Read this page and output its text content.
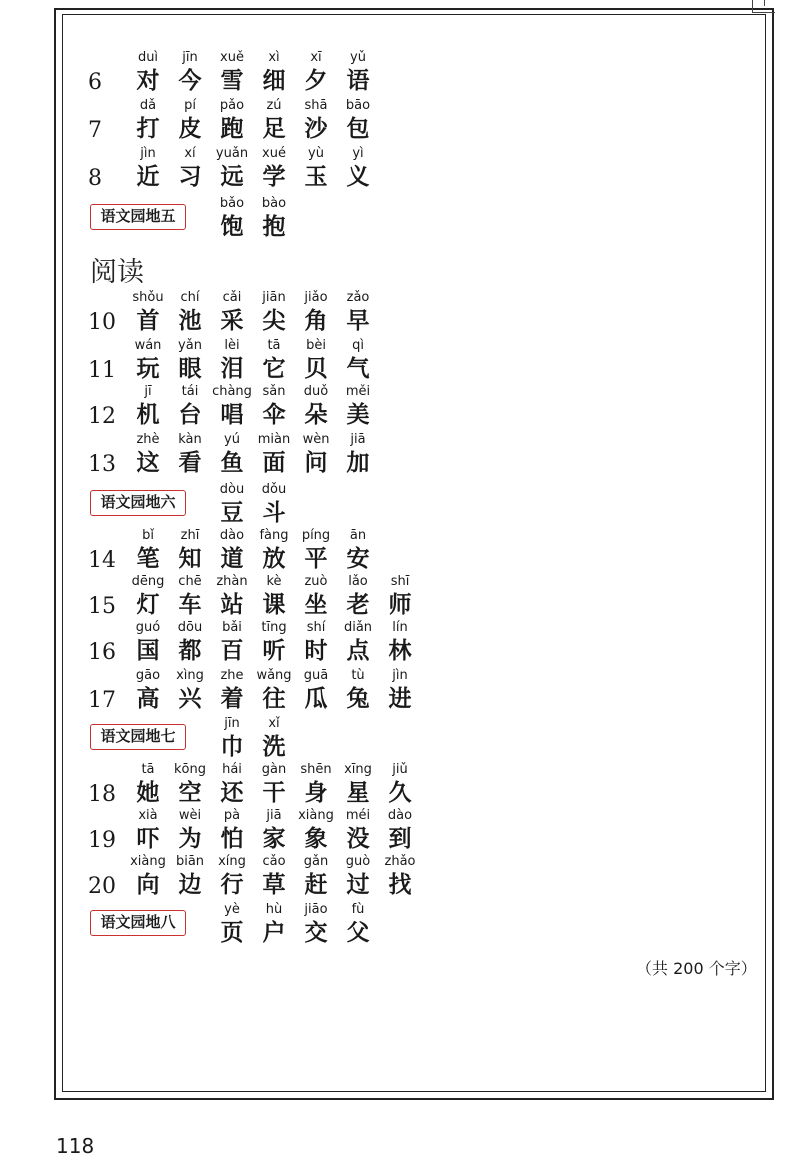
6
duì
对
jīn
今
xuě
雪
xì
细
xī
夕
yǔ
语
7
dǎ
打
pí
皮
pǎo
跑
zú
足
shā
沙
bāo
包
8
jìn
近
xí
习
yuǎn
远
xué
学
yù
玉
yì
义
语文园地五
bǎo
饱
bào
抱
10
shǒu
首
chí
池
cǎi
采
jiān
尖
jiǎo
角
zǎo
早
11
wán
玩
yǎn
眼
lèi
泪
tā
它
bèi
贝
qì
气
12
jī
机
tái
台
chàng
唱
sǎn
伞
duǒ
朵
měi
美
13
zhè
这
kàn
看
yú
鱼
miàn
面
wèn
问
jiā
加
语文园地六
dòu
豆
dǒu
斗
14
bǐ
笔
zhī
知
dào
道
fàng
放
píng
平
ān
安
15
dēng
灯
chē
车
zhàn
站
kè
课
zuò
坐
lǎo
老
shī
师
16
guó
国
dōu
都
bǎi
百
tīng
听
shí
时
diǎn
点
lín
林
17
gāo
高
xìng
兴
zhe
着
wǎng
往
guā
瓜
tù
兔
jìn
进
语文园地七
jīn
巾
xǐ
洗
18
tā
她
kōng
空
hái
还
gàn
干
shēn
身
xīng
星
jiǔ
久
19
xià
吓
wèi
为
pà
怕
jiā
家
xiàng
象
méi
没
dào
到
20
xiàng
向
biān
边
xíng
行
cǎo
草
gǎn
赶
guò
过
zhǎo
找
语文园地八
yè
页
hù
户
jiāo
交
fù
父
阅读
（共 200 个字）
118
